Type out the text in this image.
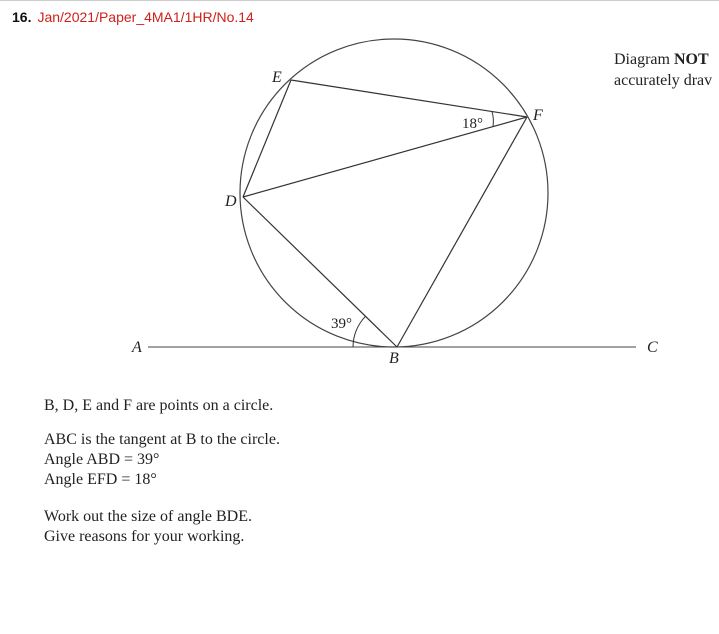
16. Jan/2021/Paper_4MA1/1HR/No.14
Diagram NOT
accurately drav
E
F
D
B
A	C
18°
39°

B, D, E and F are points on a circle.

ABC is the tangent at B to the circle.

Angle ABD = 39°

Angle EFD = 18°

Work out the size of angle BDE.

Give reasons for your working.
